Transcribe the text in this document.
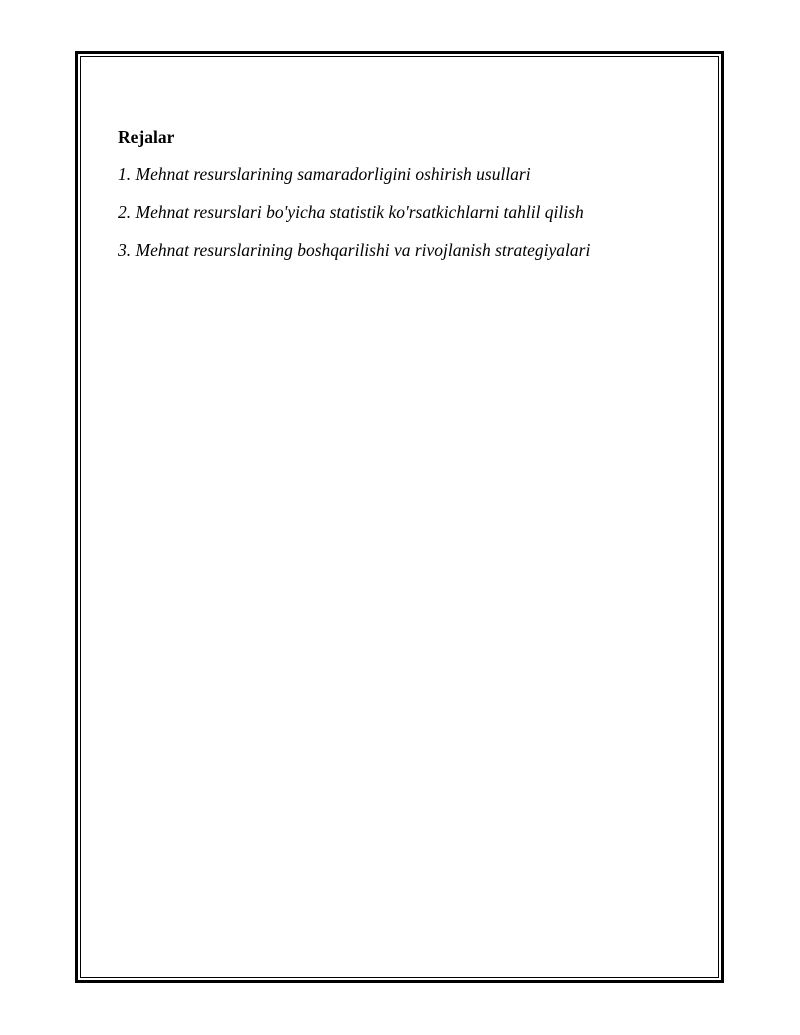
Rejalar
1. Mehnat resurslarining samaradorligini oshirish usullari
2. Mehnat resurslari bo'yicha statistik ko'rsatkichlarni tahlil qilish
3. Mehnat resurslarining boshqarilishi va rivojlanish strategiyalari
